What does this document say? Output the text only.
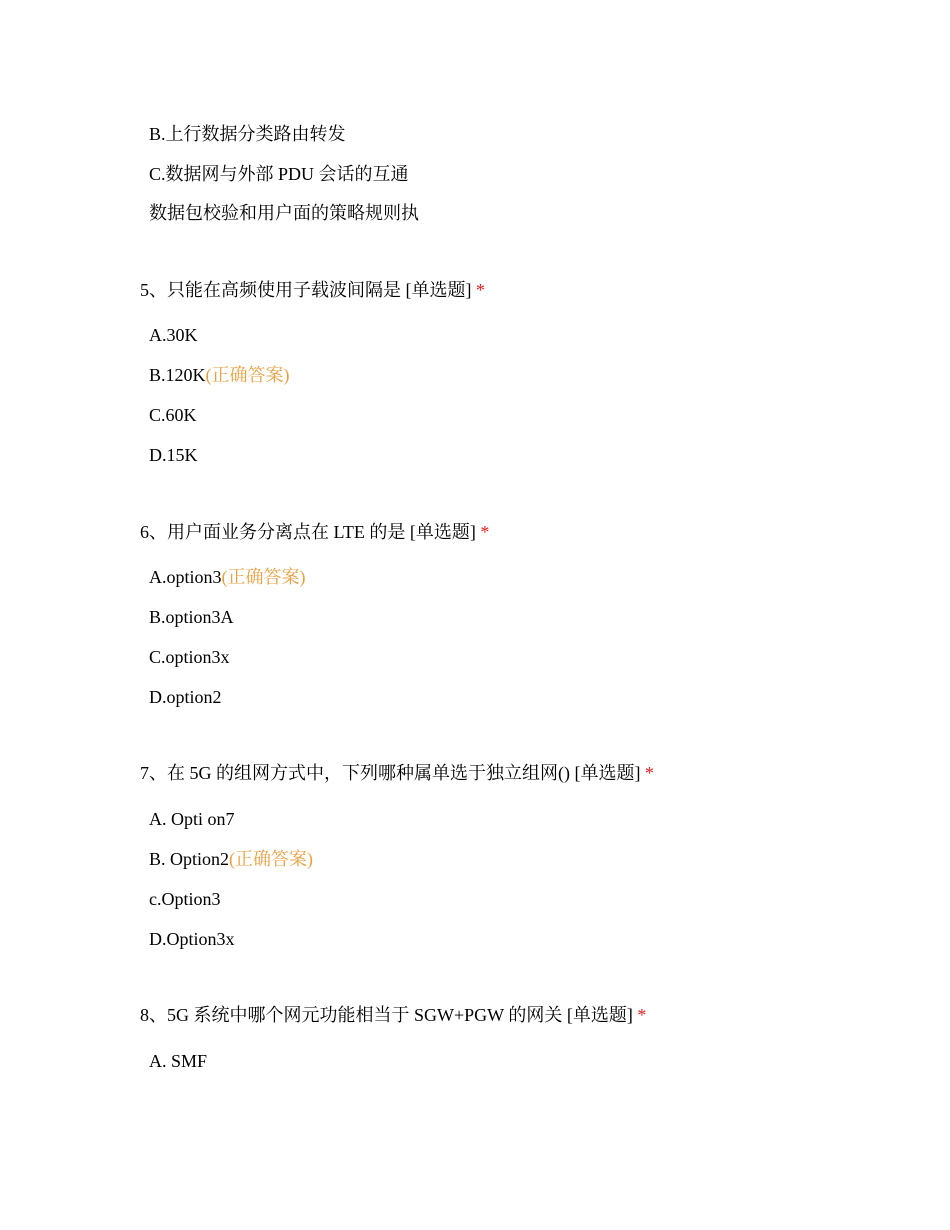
B.上行数据分类路由转发
C.数据网与外部 PDU 会话的互通
数据包校验和用户面的策略规则执
5、只能在高频使用子载波间隔是 [单选题] *
A.30K
B.120K(正确答案)
C.60K
D.15K
6、用户面业务分离点在 LTE 的是 [单选题] *
A.option3(正确答案)
B.option3A
C.option3x
D.option2
7、在 5G 的组网方式中，下列哪种属单选于独立组网() [单选题] *
A. Opti on7
B. Option2(正确答案)
c.Option3
D.Option3x
8、5G 系统中哪个网元功能相当于 SGW+PGW 的网关 [单选题] *
A. SMF
